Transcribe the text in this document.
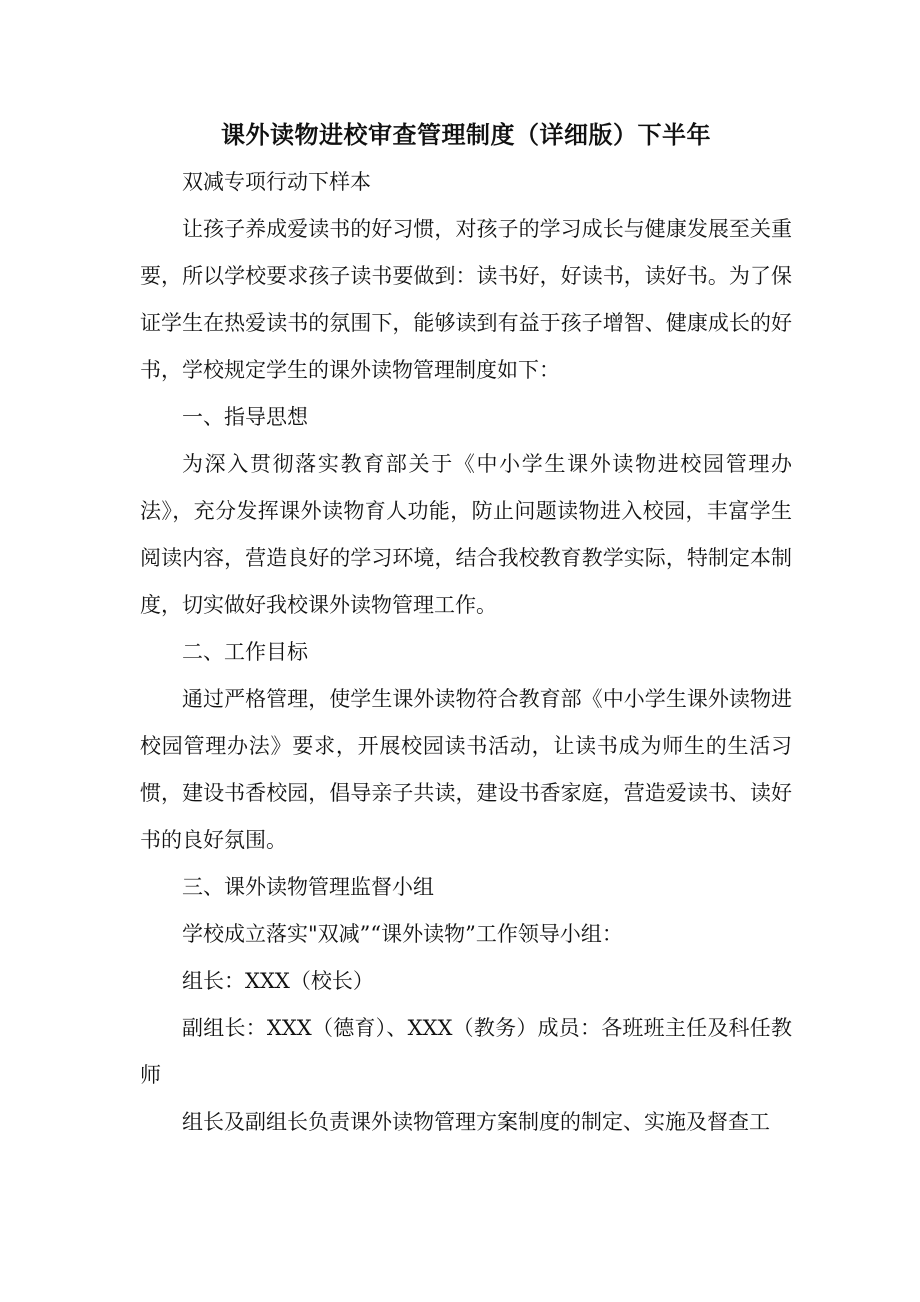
课外读物进校审查管理制度（详细版）下半年

双减专项行动下样本

让孩子养成爱读书的好习惯，对孩子的学习成长与健康发展至关重要，所以学校要求孩子读书要做到：读书好，好读书，读好书。为了保证学生在热爱读书的氛围下，能够读到有益于孩子增智、健康成长的好书，学校规定学生的课外读物管理制度如下：

一、指导思想

为深入贯彻落实教育部关于《中小学生课外读物进校园管理办法》，充分发挥课外读物育人功能，防止问题读物进入校园，丰富学生阅读内容，营造良好的学习环境，结合我校教育教学实际，特制定本制度，切实做好我校课外读物管理工作。

二、工作目标

通过严格管理，使学生课外读物符合教育部《中小学生课外读物进校园管理办法》要求，开展校园读书活动，让读书成为师生的生活习惯，建设书香校园，倡导亲子共读，建设书香家庭，营造爱读书、读好书的良好氛围。

三、课外读物管理监督小组

学校成立落实"双减”“课外读物”工作领导小组：

组长：XXX（校长）

副组长：XXX（德育）、XXX（教务）成员：各班班主任及科任教师

组长及副组长负责课外读物管理方案制度的制定、实施及督查工
